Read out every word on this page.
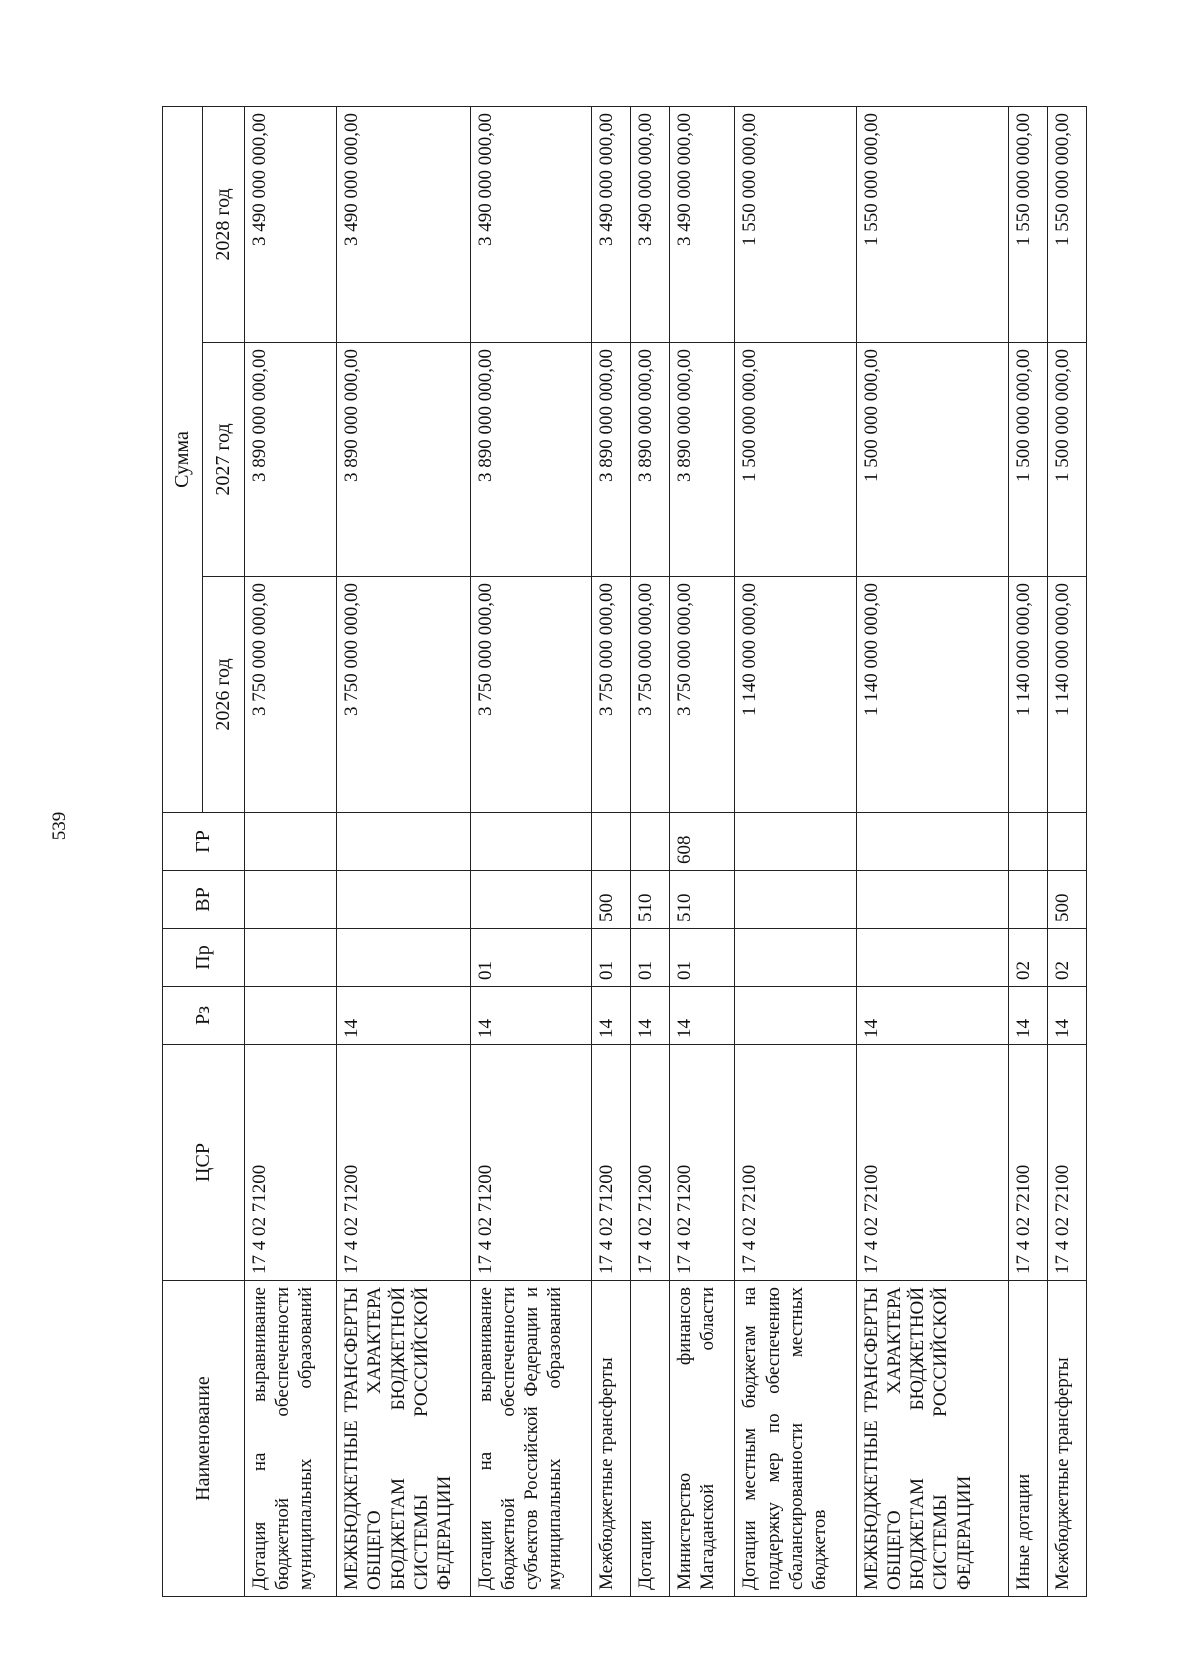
539
Наименование	ЦСР	Рз	Пр	ВР	ГР	Сумма		
						2026 год	2027 год	2028 год
Дотация на выравнивание бюджетной обеспеченности муниципальных образований	17 4 02 71200					3 750 000 000,00	3 890 000 000,00	3 490 000 000,00
МЕЖБЮДЖЕТНЫЕ ТРАНСФЕРТЫ ОБЩЕГО ХАРАКТЕРА БЮДЖЕТАМ БЮДЖЕТНОЙ СИСТЕМЫ РОССИЙСКОЙ ФЕДЕРАЦИИ	17 4 02 71200	14				3 750 000 000,00	3 890 000 000,00	3 490 000 000,00
Дотации на выравнивание бюджетной обеспеченности субъектов Российской Федерации и муниципальных образований	17 4 02 71200	14	01			3 750 000 000,00	3 890 000 000,00	3 490 000 000,00
Межбюджетные трансферты	17 4 02 71200	14	01	500		3 750 000 000,00	3 890 000 000,00	3 490 000 000,00
Дотации	17 4 02 71200	14	01	510		3 750 000 000,00	3 890 000 000,00	3 490 000 000,00
Министерство финансов Магаданской области	17 4 02 71200	14	01	510	608	3 750 000 000,00	3 890 000 000,00	3 490 000 000,00
Дотации местным бюджетам на поддержку мер по обеспечению сбалансированности местных бюджетов	17 4 02 72100					1 140 000 000,00	1 500 000 000,00	1 550 000 000,00
МЕЖБЮДЖЕТНЫЕ ТРАНСФЕРТЫ ОБЩЕГО ХАРАКТЕРА БЮДЖЕТАМ БЮДЖЕТНОЙ СИСТЕМЫ РОССИЙСКОЙ ФЕДЕРАЦИИ	17 4 02 72100	14				1 140 000 000,00	1 500 000 000,00	1 550 000 000,00
Иные дотации	17 4 02 72100	14	02			1 140 000 000,00	1 500 000 000,00	1 550 000 000,00
Межбюджетные трансферты	17 4 02 72100	14	02	500		1 140 000 000,00	1 500 000 000,00	1 550 000 000,00
